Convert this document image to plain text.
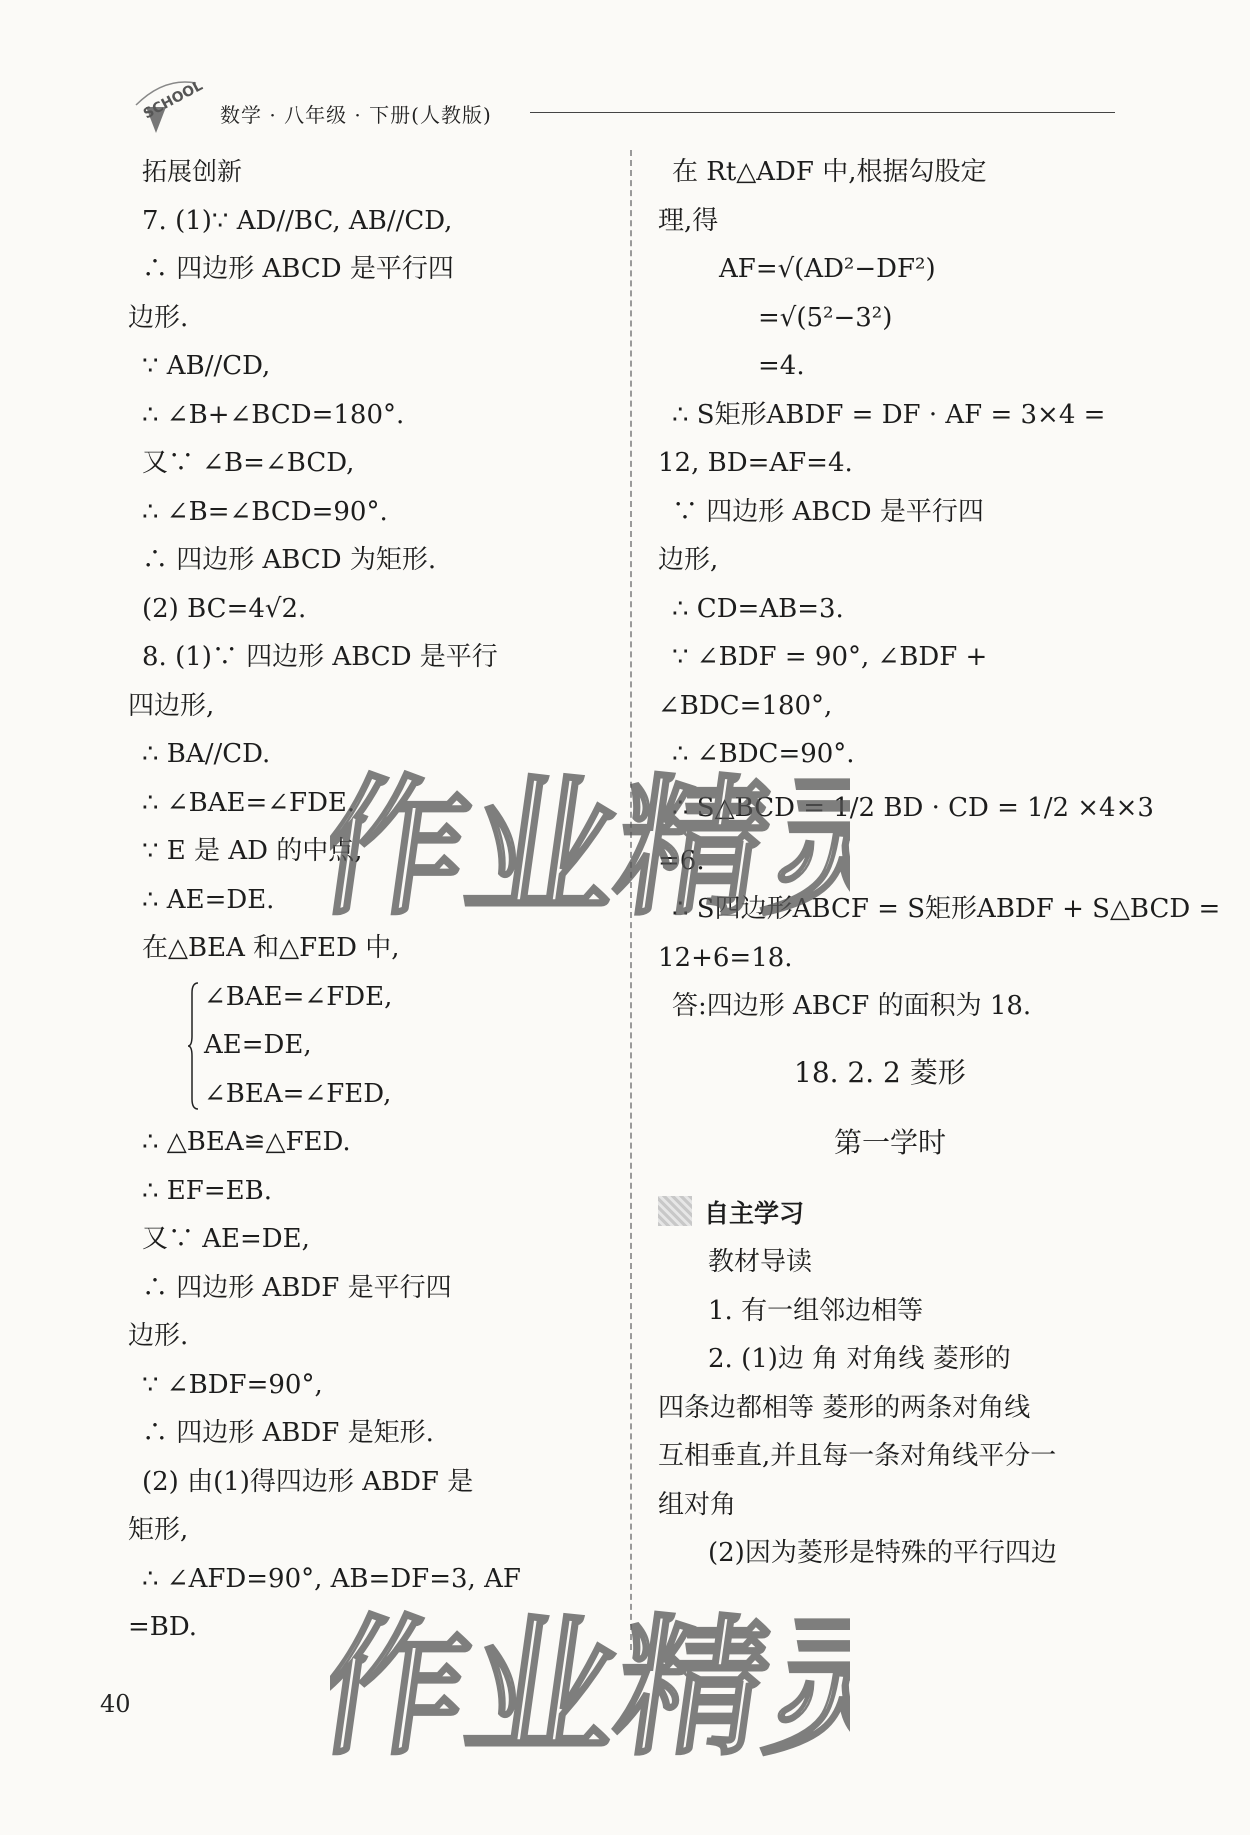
SCHOOL 数学 · 八年级 · 下册(人教版)
拓展创新
7. (1)∵ AD//BC, AB//CD,
∴ 四边形 ABCD 是平行四
边形.
∵ AB//CD,
∴ ∠B+∠BCD=180°.
又∵ ∠B=∠BCD,
∴ ∠B=∠BCD=90°.
∴ 四边形 ABCD 为矩形.
(2) BC=4√2.
8. (1)∵ 四边形 ABCD 是平行
四边形,
∴ BA//CD.
∴ ∠BAE=∠FDE.
∵ E 是 AD 的中点,
∴ AE=DE.
在△BEA 和△FED 中,
∠BAE=∠FDE,
AE=DE,
∠BEA=∠FED,
∴ △BEA≌△FED.
∴ EF=EB.
又∵ AE=DE,
∴ 四边形 ABDF 是平行四
边形.
∵ ∠BDF=90°,
∴ 四边形 ABDF 是矩形.
(2) 由(1)得四边形 ABDF 是
矩形,
∴ ∠AFD=90°, AB=DF=3, AF
=BD.
在 Rt△ADF 中,根据勾股定
理,得
AF=√(AD²−DF²)
=√(5²−3²)
=4.
∴ S矩形ABDF = DF · AF = 3×4 =
12, BD=AF=4.
∵ 四边形 ABCD 是平行四
边形,
∴ CD=AB=3.
∵ ∠BDF = 90°, ∠BDF +
∠BDC=180°,
∴ ∠BDC=90°.
∴ S△BCD = 1/2 BD · CD = 1/2 ×4×3
=6.
∴ S四边形ABCF = S矩形ABDF + S△BCD =
12+6=18.
答:四边形 ABCF 的面积为 18.
18. 2. 2 菱形
第一学时
自主学习
教材导读
1. 有一组邻边相等
2. (1)边 角 对角线 菱形的
四条边都相等 菱形的两条对角线
互相垂直,并且每一条对角线平分一
组对角
(2)因为菱形是特殊的平行四边
作业精灵
作业精灵
40
